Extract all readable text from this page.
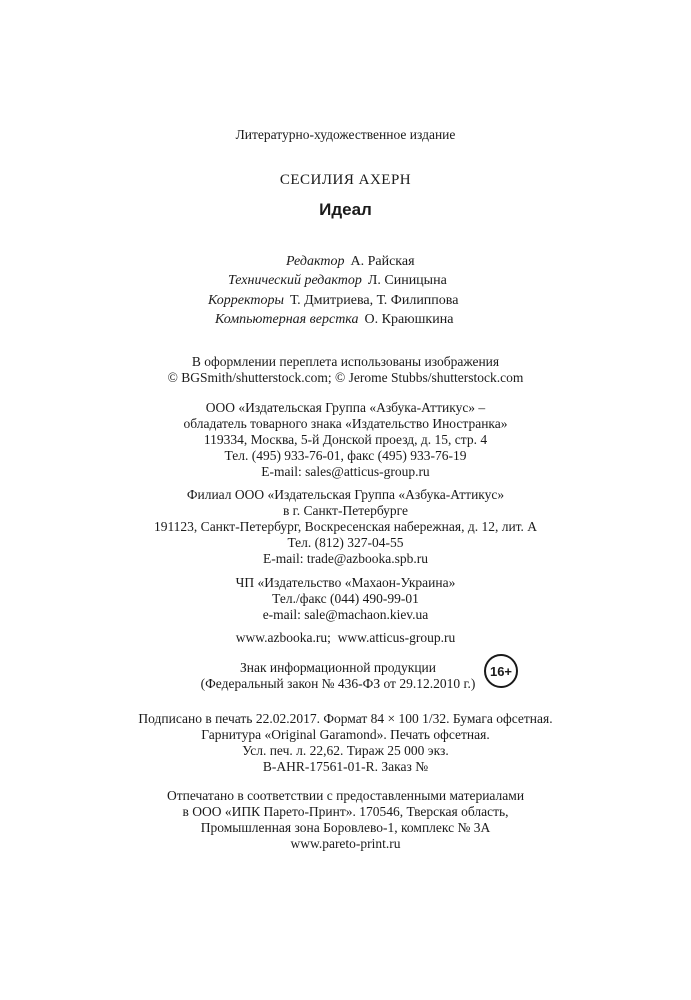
Литературно-художественное издание
СЕСИЛИЯ АХЕРН
Идеал
Редактор А. Райская
Технический редактор Л. Синицына
Корректоры Т. Дмитриева, Т. Филиппова
Компьютерная верстка О. Краюшкина
В оформлении переплета использованы изображения
© BGSmith/shutterstock.com; © Jerome Stubbs/shutterstock.com
ООО «Издательская Группа «Азбука-Аттикус» –
обладатель товарного знака «Издательство Иностранка»
119334, Москва, 5-й Донской проезд, д. 15, стр. 4
Тел. (495) 933-76-01, факс (495) 933-76-19
E-mail: sales@atticus-group.ru
Филиал ООО «Издательская Группа «Азбука-Аттикус»
в г. Санкт-Петербурге
191123, Санкт-Петербург, Воскресенская набережная, д. 12, лит. А
Тел. (812) 327-04-55
E-mail: trade@azbooka.spb.ru
ЧП «Издательство «Махаон-Украина»
Тел./факс (044) 490-99-01
e-mail: sale@machaon.kiev.ua
www.azbooka.ru;  www.atticus-group.ru
Знак информационной продукции
(Федеральный закон № 436-ФЗ от 29.12.2010 г.)
16+
Подписано в печать 22.02.2017. Формат 84 × 100 1/32. Бумага офсетная.
Гарнитура «Original Garamond». Печать офсетная.
Усл. печ. л. 22,62. Тираж 25 000 экз.
B-AHR-17561-01-R. Заказ №
Отпечатано в соответствии с предоставленными материалами
в ООО «ИПК Парето-Принт». 170546, Тверская область,
Промышленная зона Боровлево-1, комплекс № 3А
www.pareto-print.ru
